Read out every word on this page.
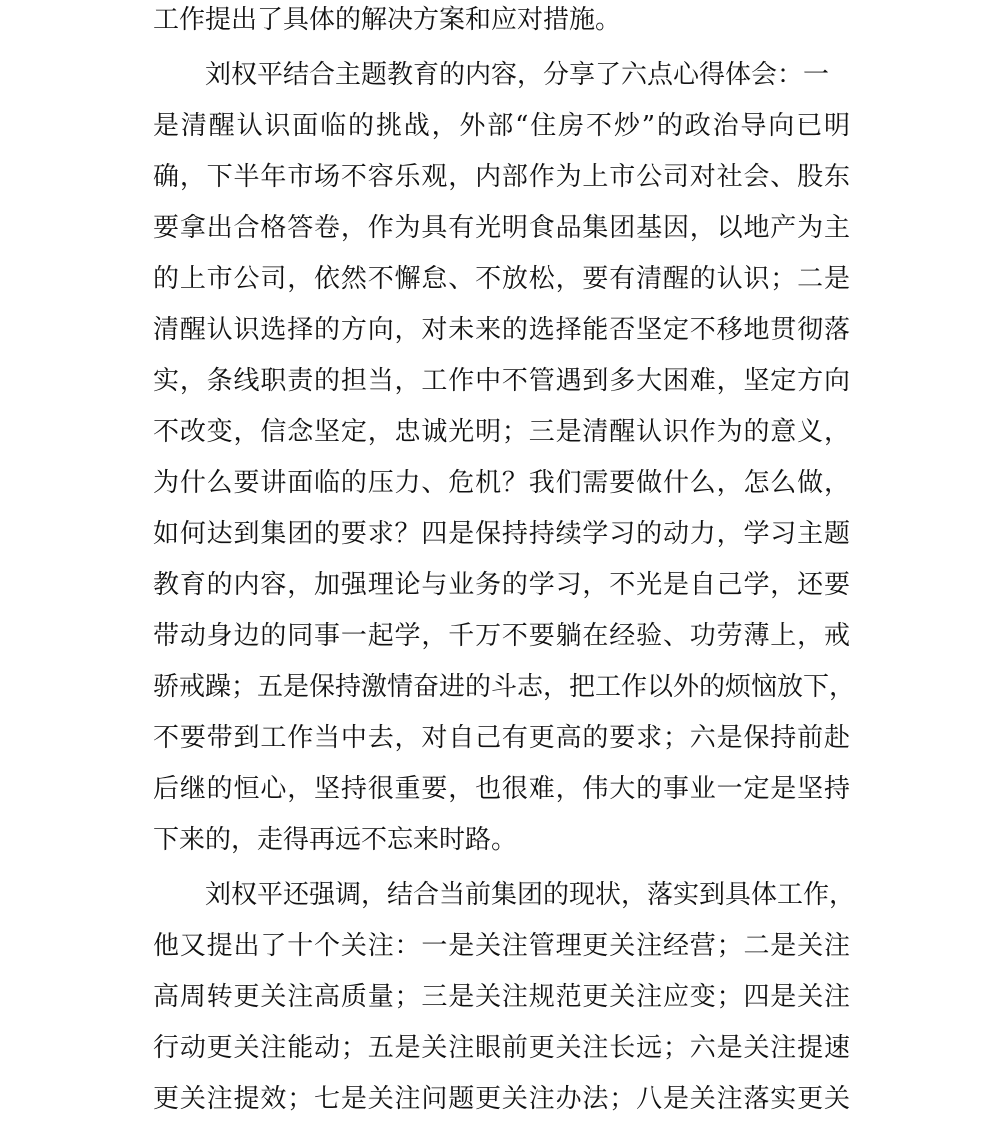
工作提出了具体的解决方案和应对措施。
刘权平结合主题教育的内容，分享了六点心得体会：一
是清醒认识面临的挑战，外部“住房不炒”的政治导向已明
确，下半年市场不容乐观，内部作为上市公司对社会、股东
要拿出合格答卷，作为具有光明食品集团基因，以地产为主
的上市公司，依然不懈怠、不放松，要有清醒的认识；二是
清醒认识选择的方向，对未来的选择能否坚定不移地贯彻落
实，条线职责的担当，工作中不管遇到多大困难，坚定方向
不改变，信念坚定，忠诚光明；三是清醒认识作为的意义，
为什么要讲面临的压力、危机？我们需要做什么，怎么做，
如何达到集团的要求？四是保持持续学习的动力，学习主题
教育的内容，加强理论与业务的学习，不光是自己学，还要
带动身边的同事一起学，千万不要躺在经验、功劳薄上，戒
骄戒躁；五是保持激情奋进的斗志，把工作以外的烦恼放下，
不要带到工作当中去，对自己有更高的要求；六是保持前赴
后继的恒心，坚持很重要，也很难，伟大的事业一定是坚持
下来的，走得再远不忘来时路。
刘权平还强调，结合当前集团的现状，落实到具体工作，
他又提出了十个关注：一是关注管理更关注经营；二是关注
高周转更关注高质量；三是关注规范更关注应变；四是关注
行动更关注能动；五是关注眼前更关注长远；六是关注提速
更关注提效；七是关注问题更关注办法；八是关注落实更关
